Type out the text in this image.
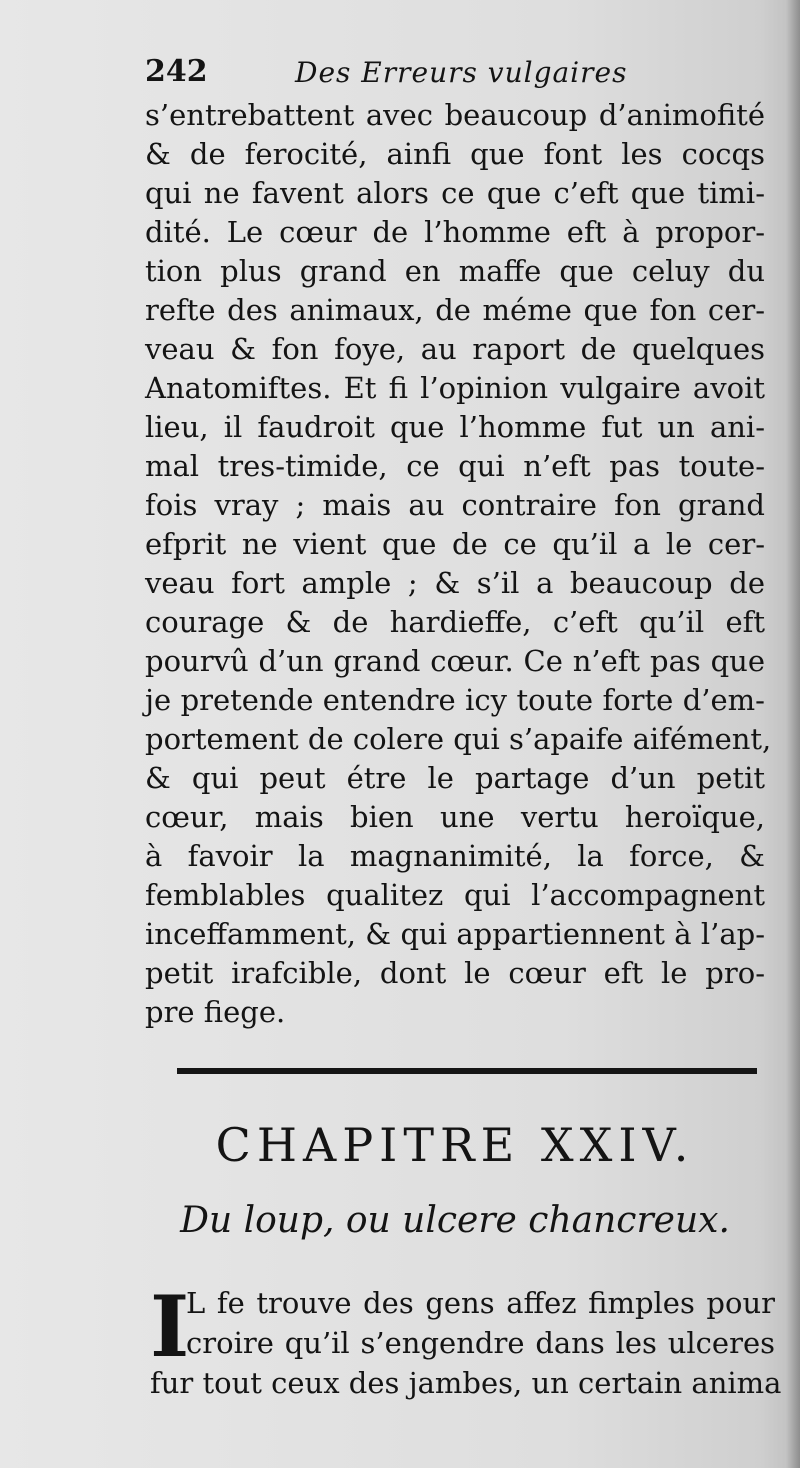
242	Des Erreurs vulgaires
s’entrebattent avec beaucoup d’animofité
& de ferocité, ainfi que font les cocqs
qui ne favent alors ce que c’eft que timi-
dité. Le cœur de l’homme eft à propor-
tion plus grand en maffe que celuy du
refte des animaux, de méme que fon cer-
veau & fon foye, au raport de quelques
Anatomiftes. Et fi l’opinion vulgaire avoit
lieu, il faudroit que l’homme fut un ani-
mal tres-timide, ce qui n’eft pas toute-
fois vray ; mais au contraire fon grand
efprit ne vient que de ce qu’il a le cer-
veau fort ample ; & s’il a beaucoup de
courage & de hardieffe, c’eft qu’il eft
pourvû d’un grand cœur. Ce n’eft pas que
je pretende entendre icy toute forte d’em-
portement de colere qui s’apaife aifément,
& qui peut étre le partage d’un petit
cœur, mais bien une vertu heroïque,
à favoir la magnanimité, la force, &
femblables qualitez qui l’accompagnent
inceffamment, & qui appartiennent à l’ap-
petit irafcible, dont le cœur eft le pro-
pre fiege.
CHAPITRE XXIV.
Du loup, ou ulcere chancreux.
I
L fe trouve des gens affez fimples pour
croire qu’il s’engendre dans les ulceres
fur tout ceux des jambes, un certain anima
